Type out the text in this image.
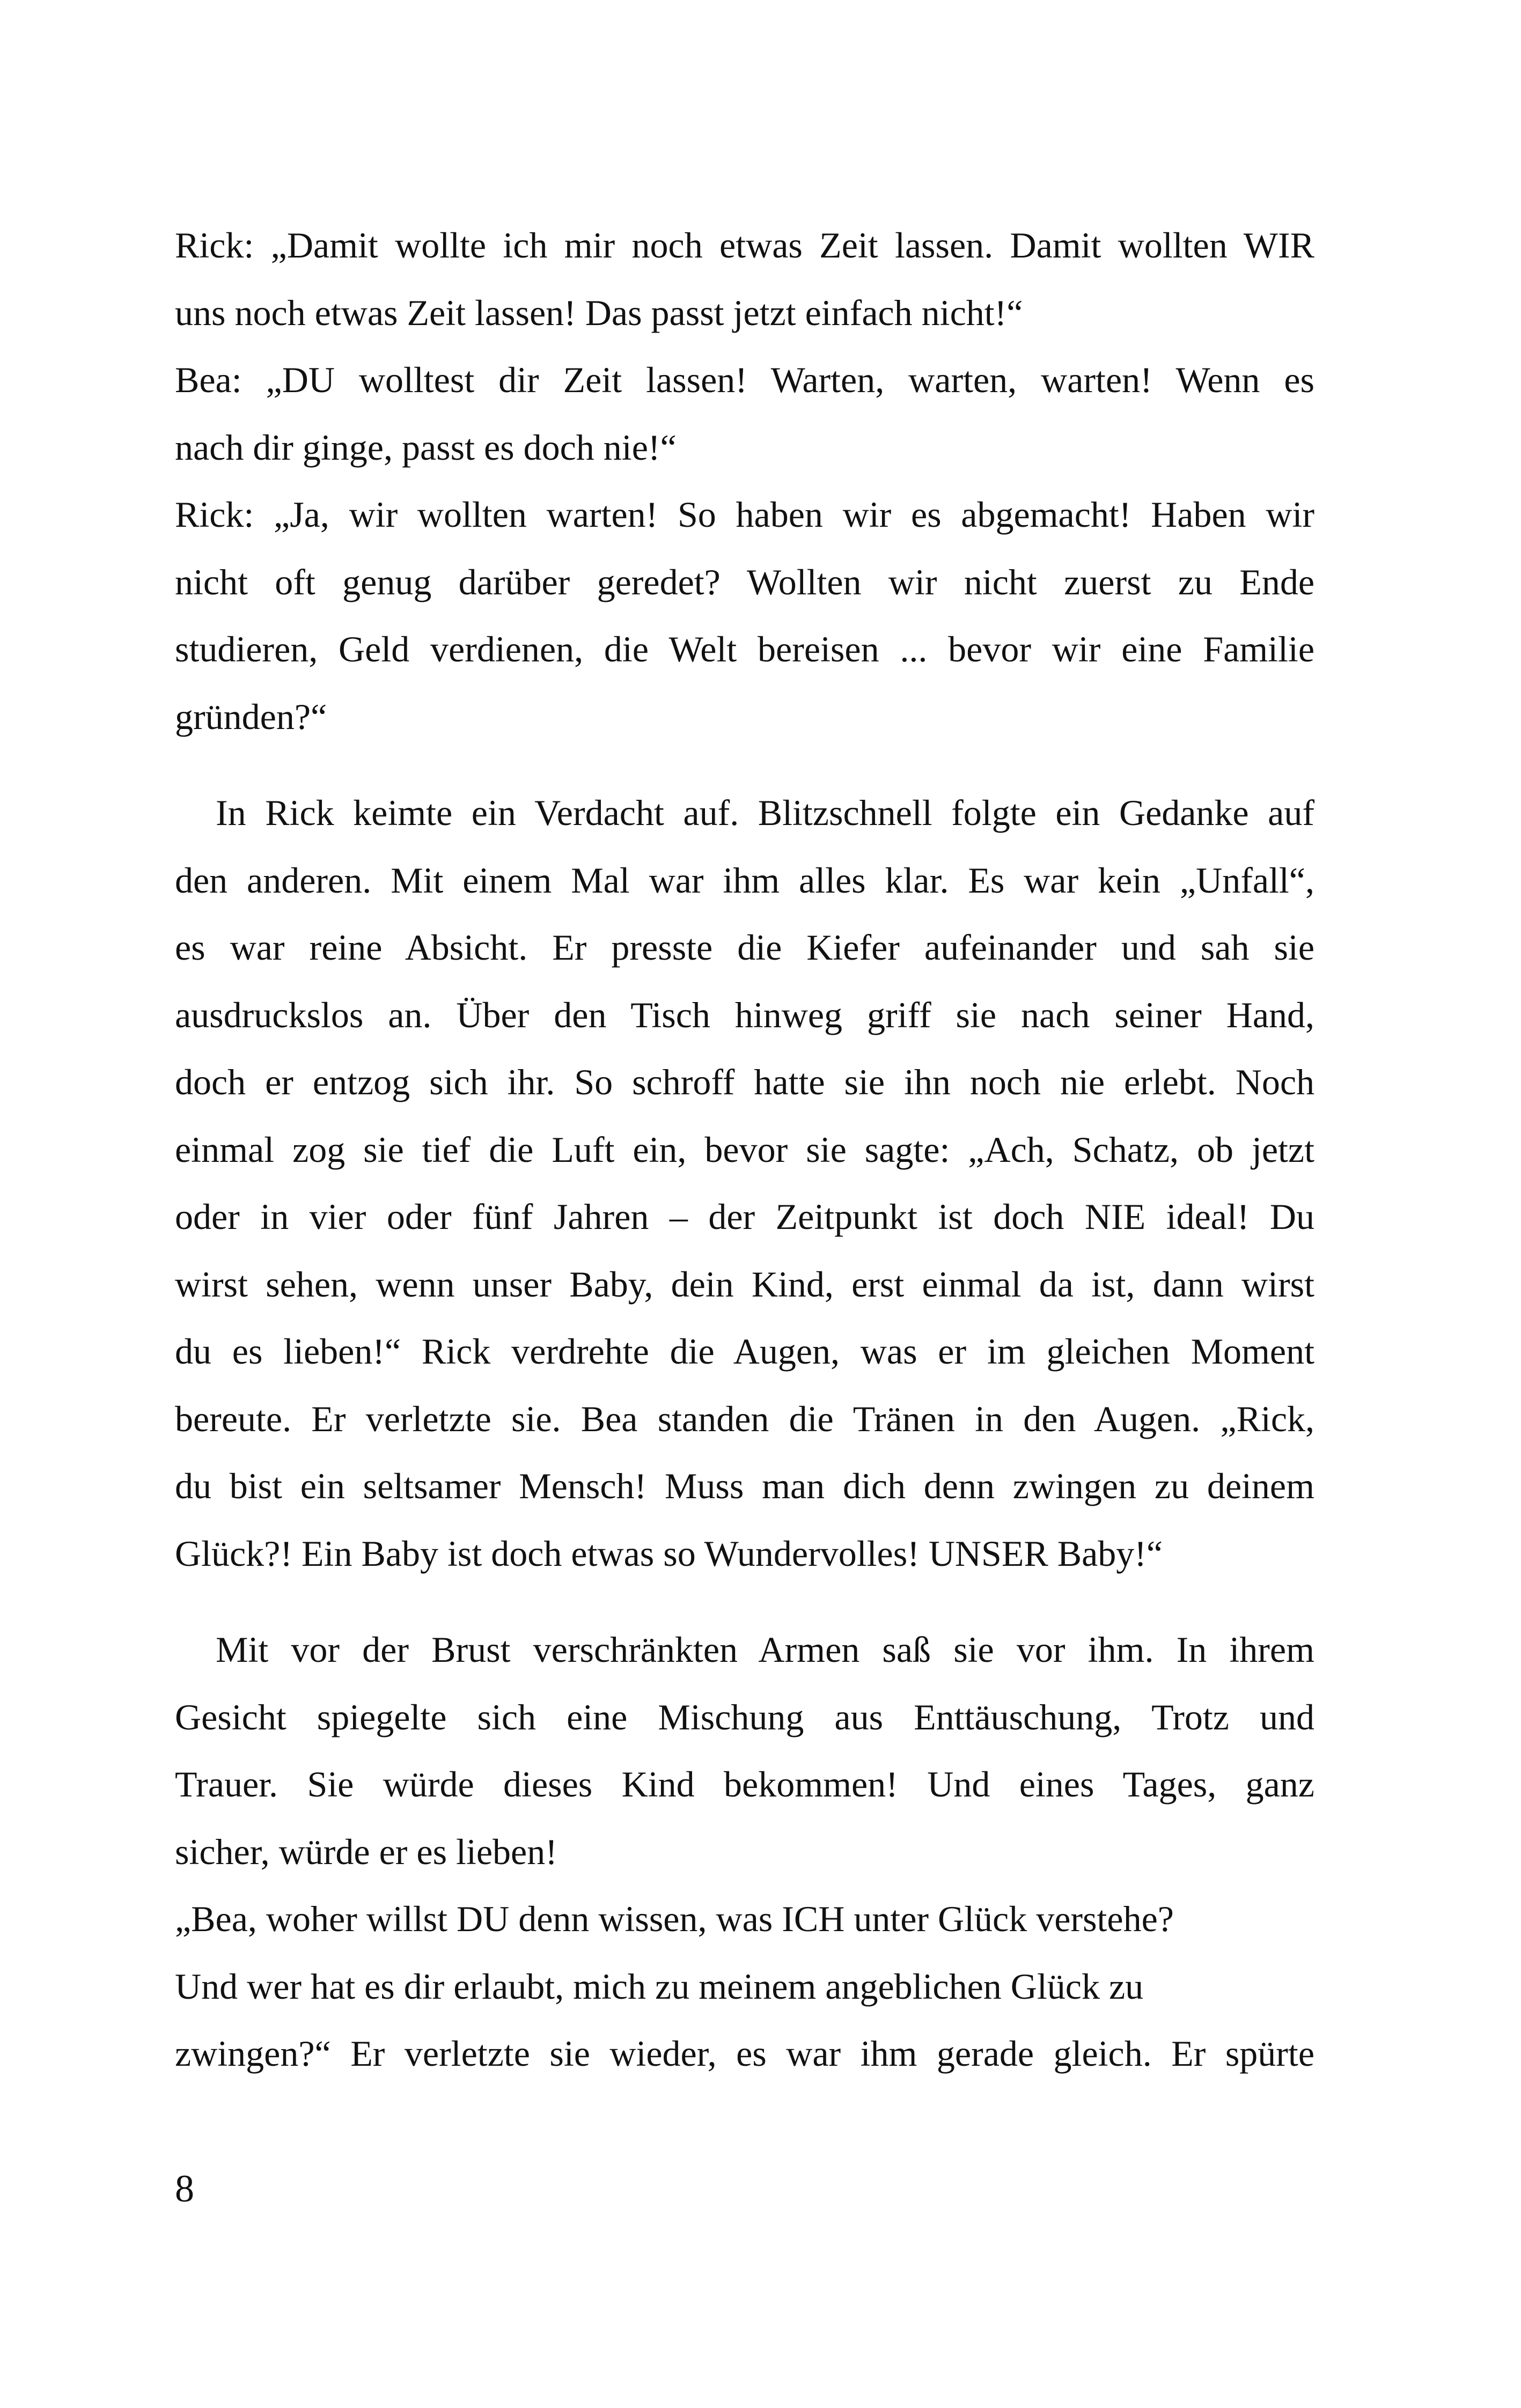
Rick: „Damit wollte ich mir noch etwas Zeit lassen. Damit wollten WIR
uns noch etwas Zeit lassen! Das passt jetzt einfach nicht!“
Bea: „DU wolltest dir Zeit lassen! Warten, warten, warten! Wenn es
nach dir ginge, passt es doch nie!“
Rick: „Ja, wir wollten warten! So haben wir es abgemacht! Haben wir
nicht oft genug darüber geredet? Wollten wir nicht zuerst zu Ende
studieren, Geld verdienen, die Welt bereisen ... bevor wir eine Familie
gründen?“
In Rick keimte ein Verdacht auf. Blitzschnell folgte ein Gedanke auf
den anderen. Mit einem Mal war ihm alles klar. Es war kein „Unfall“,
es war reine Absicht. Er presste die Kiefer aufeinander und sah sie
ausdruckslos an. Über den Tisch hinweg griff sie nach seiner Hand,
doch er entzog sich ihr. So schroff hatte sie ihn noch nie erlebt. Noch
einmal zog sie tief die Luft ein, bevor sie sagte: „Ach, Schatz, ob jetzt
oder in vier oder fünf Jahren – der Zeitpunkt ist doch NIE ideal! Du
wirst sehen, wenn unser Baby, dein Kind, erst einmal da ist, dann wirst
du es lieben!“ Rick verdrehte die Augen, was er im gleichen Moment
bereute. Er verletzte sie. Bea standen die Tränen in den Augen. „Rick,
du bist ein seltsamer Mensch! Muss man dich denn zwingen zu deinem
Glück?! Ein Baby ist doch etwas so Wundervolles! UNSER Baby!“
Mit vor der Brust verschränkten Armen saß sie vor ihm. In ihrem
Gesicht spiegelte sich eine Mischung aus Enttäuschung, Trotz und
Trauer. Sie würde dieses Kind bekommen! Und eines Tages, ganz
sicher, würde er es lieben!
„Bea, woher willst DU denn wissen, was ICH unter Glück verstehe?
Und wer hat es dir erlaubt, mich zu meinem angeblichen Glück zu
zwingen?“ Er verletzte sie wieder, es war ihm gerade gleich. Er spürte
8
